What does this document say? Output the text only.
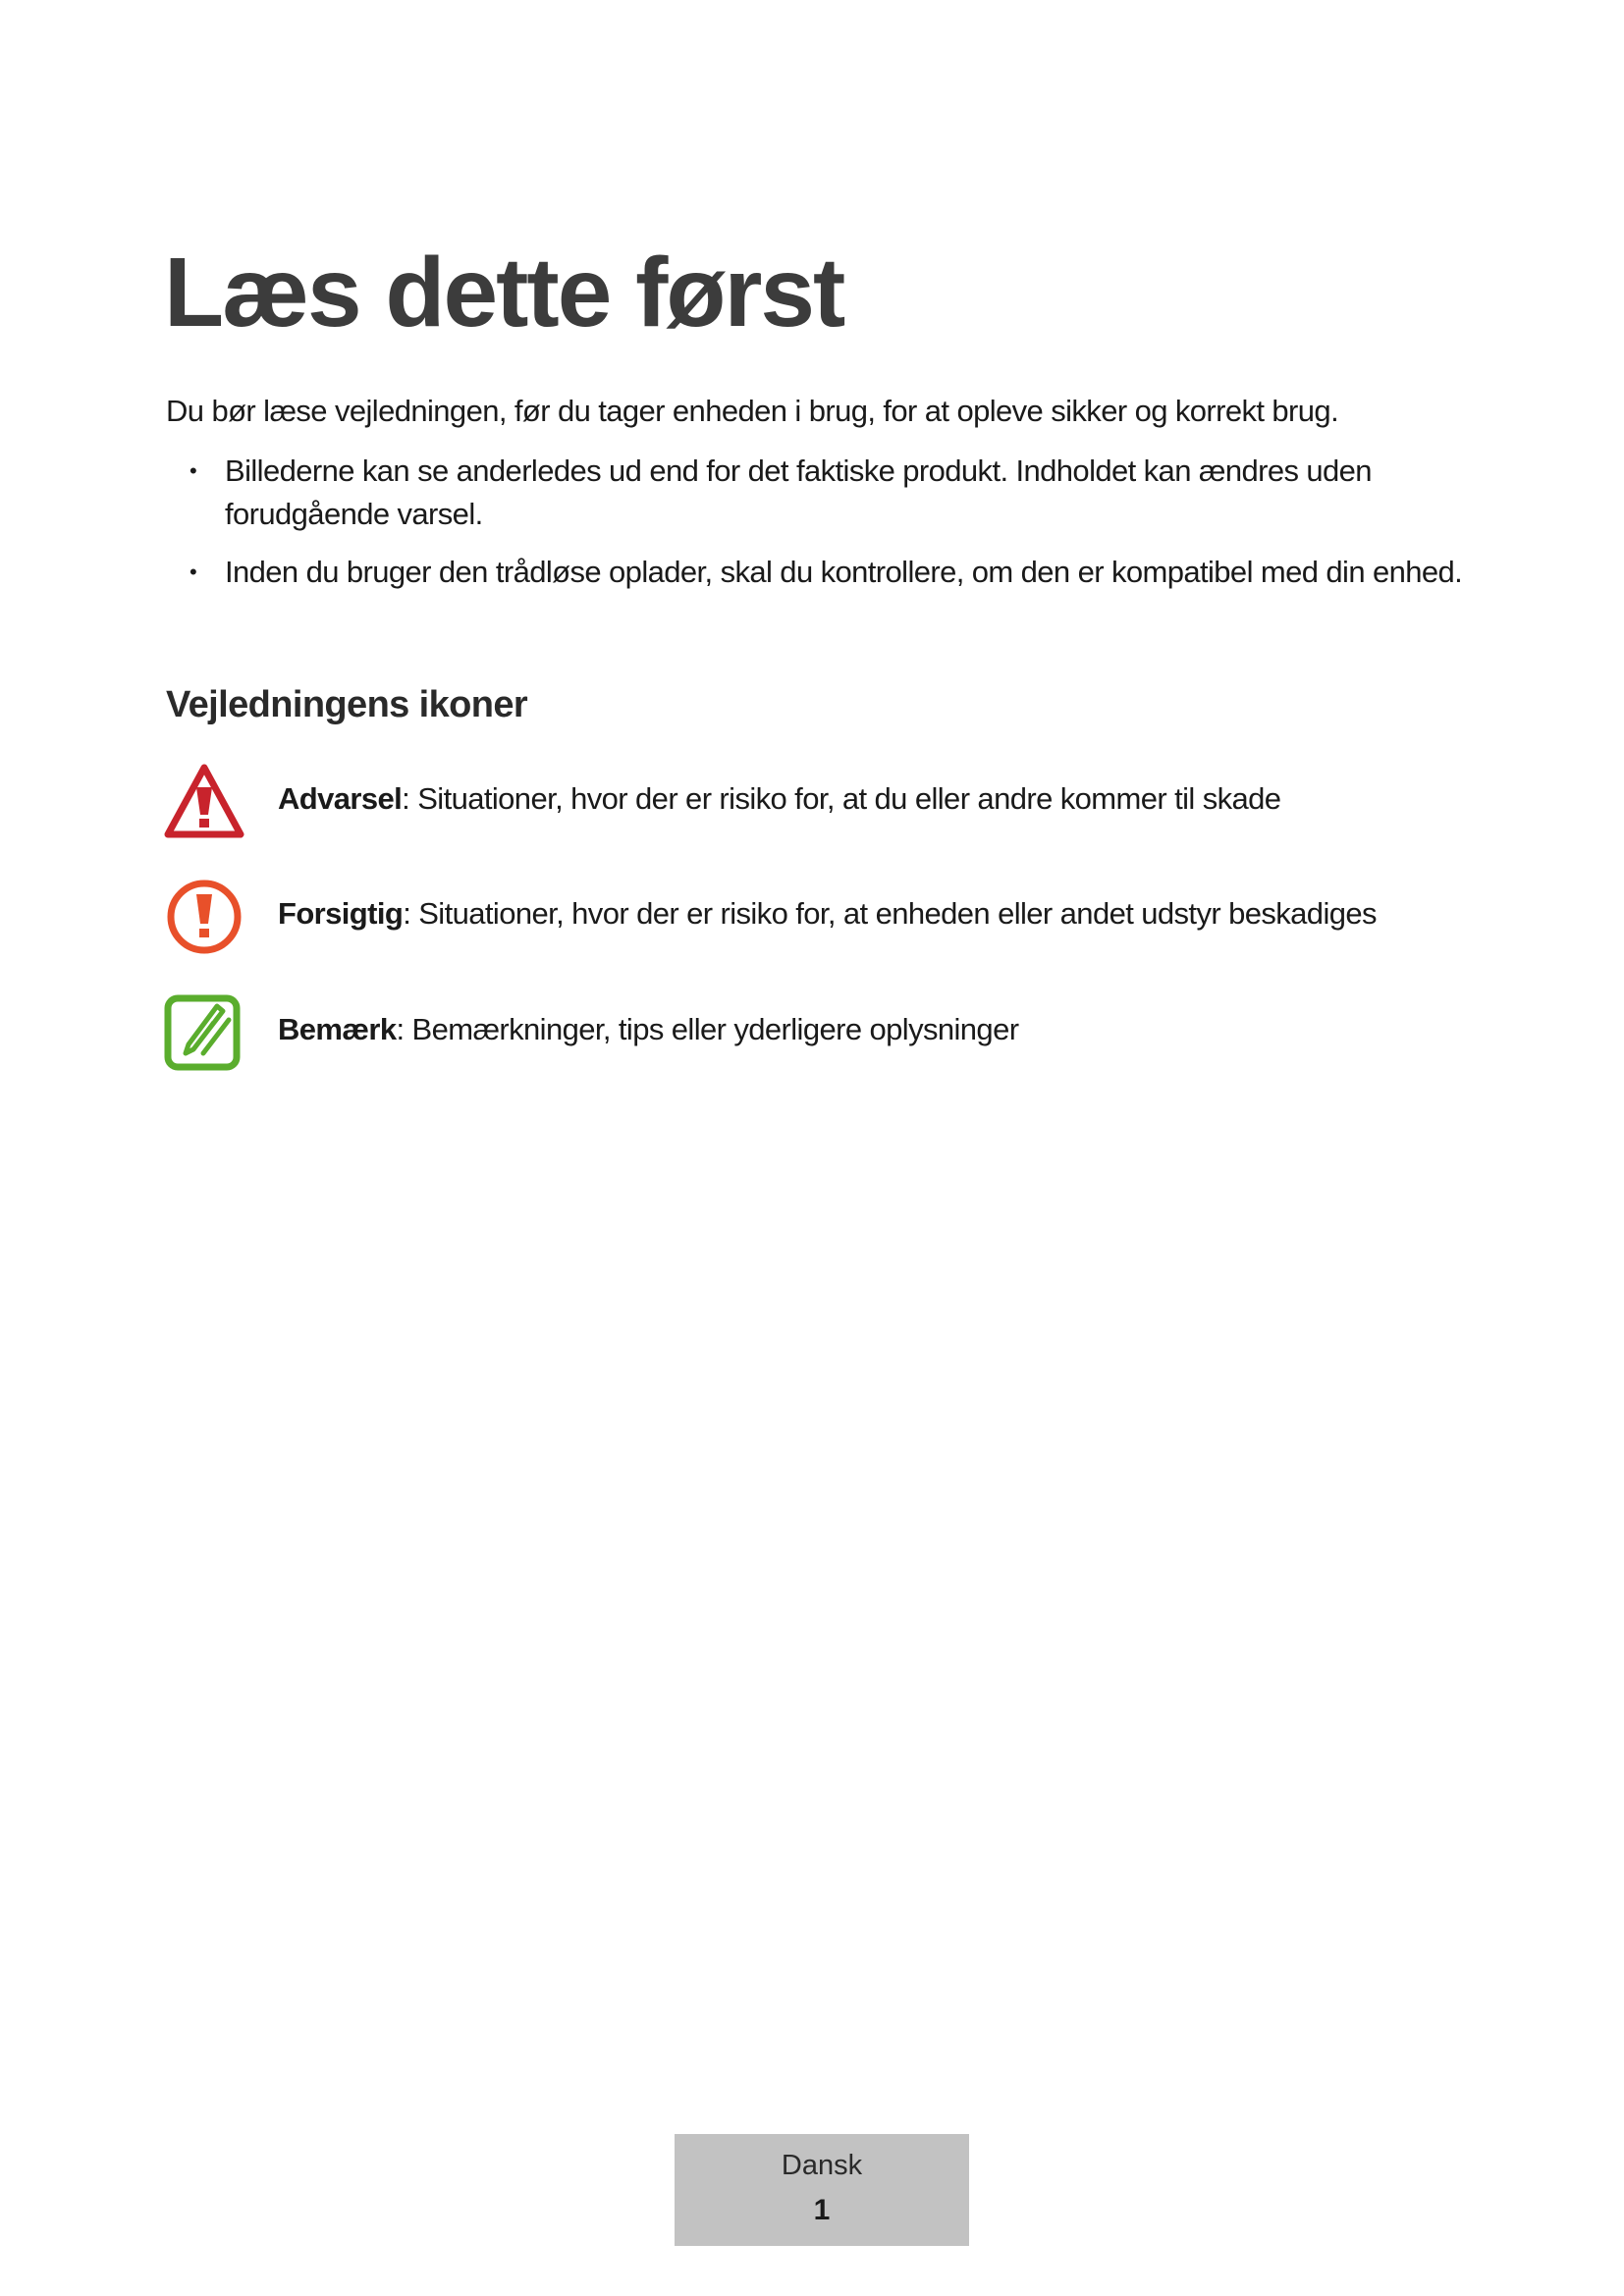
Læs dette først

Du bør læse vejledningen, før du tager enheden i brug, for at opleve sikker og korrekt brug.

• Billederne kan se anderledes ud end for det faktiske produkt. Indholdet kan ændres uden forudgående varsel.
• Inden du bruger den trådløse oplader, skal du kontrollere, om den er kompatibel med din enhed.
Vejledningens ikoner
Advarsel: Situationer, hvor der er risiko for, at du eller andre kommer til skade
Forsigtig: Situationer, hvor der er risiko for, at enheden eller andet udstyr beskadiges
Bemærk: Bemærkninger, tips eller yderligere oplysninger
Dansk
1
